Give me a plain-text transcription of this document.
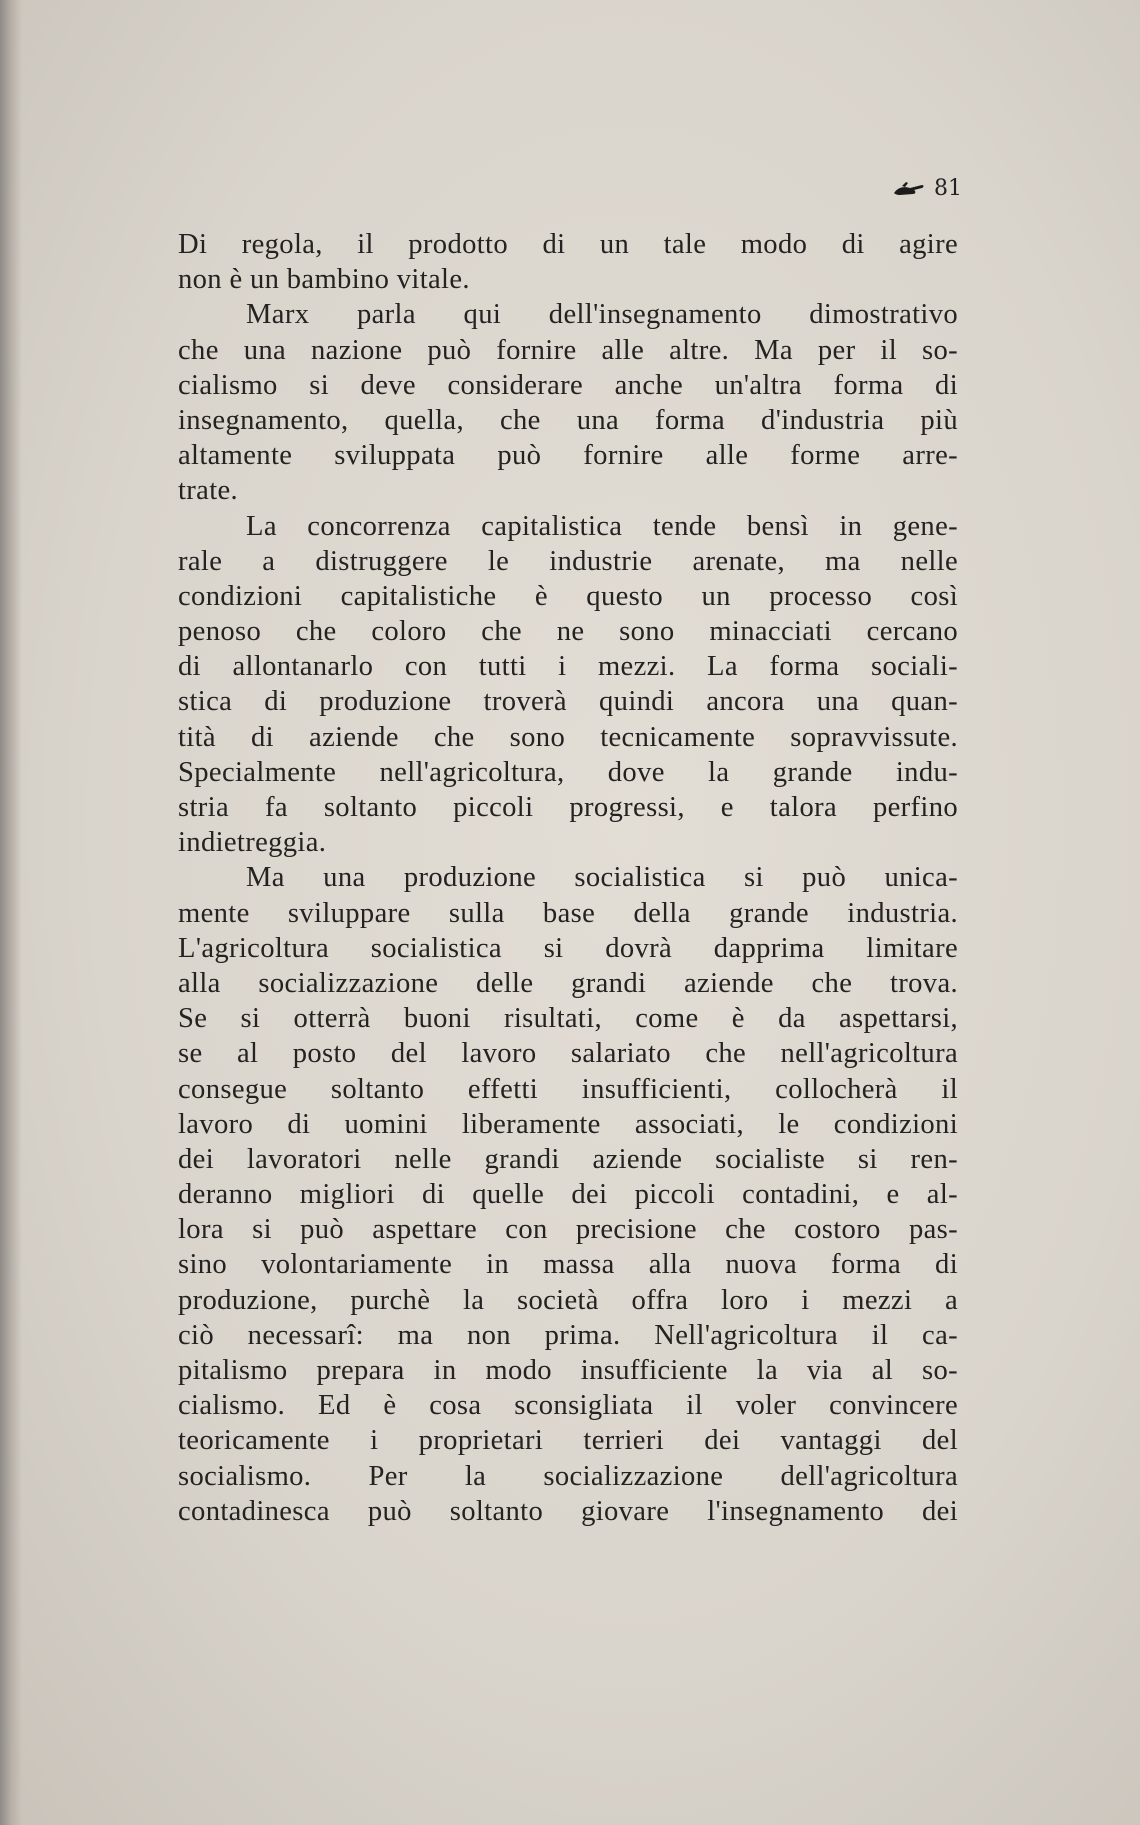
81
Di regola, il prodotto di un tale modo di agire
non è un bambino vitale.
Marx parla qui dell'insegnamento dimostrativo
che una nazione può fornire alle altre. Ma per il so-
cialismo si deve considerare anche un'altra forma di
insegnamento, quella, che una forma d'industria più
altamente sviluppata può fornire alle forme arre-
trate.
La concorrenza capitalistica tende bensì in gene-
rale a distruggere le industrie arenate, ma nelle
condizioni capitalistiche è questo un processo così
penoso che coloro che ne sono minacciati cercano
di allontanarlo con tutti i mezzi. La forma sociali-
stica di produzione troverà quindi ancora una quan-
tità di aziende che sono tecnicamente sopravvissute.
Specialmente nell'agricoltura, dove la grande indu-
stria fa soltanto piccoli progressi, e talora perfino
indietreggia.
Ma una produzione socialistica si può unica-
mente sviluppare sulla base della grande industria.
L'agricoltura socialistica si dovrà dapprima limitare
alla socializzazione delle grandi aziende che trova.
Se si otterrà buoni risultati, come è da aspettarsi,
se al posto del lavoro salariato che nell'agricoltura
consegue soltanto effetti insufficienti, collocherà il
lavoro di uomini liberamente associati, le condizioni
dei lavoratori nelle grandi aziende socialiste si ren-
deranno migliori di quelle dei piccoli contadini, e al-
lora si può aspettare con precisione che costoro pas-
sino volontariamente in massa alla nuova forma di
produzione, purchè la società offra loro i mezzi a
ciò necessarî: ma non prima. Nell'agricoltura il ca-
pitalismo prepara in modo insufficiente la via al so-
cialismo. Ed è cosa sconsigliata il voler convincere
teoricamente i proprietari terrieri dei vantaggi del
socialismo. Per la socializzazione dell'agricoltura
contadinesca può soltanto giovare l'insegnamento dei
